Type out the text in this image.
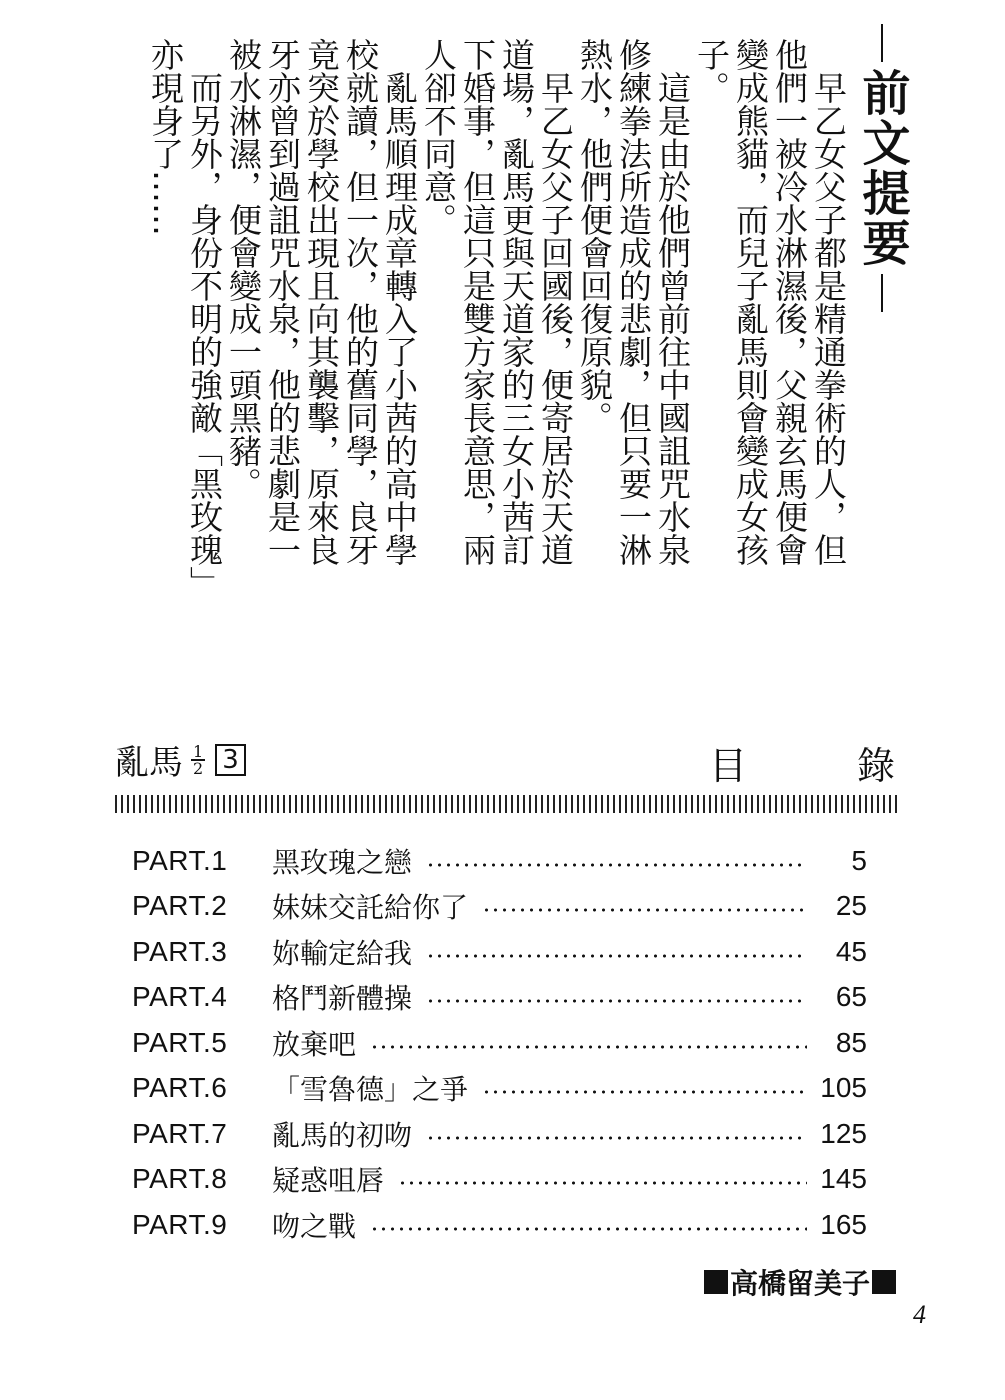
前文提要

早乙女父子都是精通拳術的人，但他們一被冷水淋濕後，父親玄馬便會變成熊貓，而兒子亂馬則會變成女孩子。

這是由於他們曾前往中國詛咒水泉修練拳法所造成的悲劇，但只要一淋熱水，他們便會回復原貌。

早乙女父子回國後，便寄居於天道道場，亂馬更與天道家的三女小茜訂下婚事，但這只是雙方家長意思，兩人卻不同意。

亂馬順理成章轉入了小茜的高中學校就讀，但一次，他的舊同學，良牙竟突於學校出現且向其襲擊，原來良牙亦曾到過詛咒水泉，他的悲劇是一被水淋濕，便會變成一頭黑豬。

而另外，身份不明的強敵「黑玫瑰」亦現身了……

亂馬 $\frac{1}{2} 3$	目錄
PART.1	黑玫瑰之戀	5
PART.2	妹妹交託給你了	25
PART.3	妳輸定給我	45
PART.4	格鬥新體操	65
PART.5	放棄吧	85
PART.6	「雪魯德」之爭	105
PART.7	亂馬的初吻	125
PART.8	疑惑咀唇	145
PART.9	吻之戰	165
高橋留美子
4
